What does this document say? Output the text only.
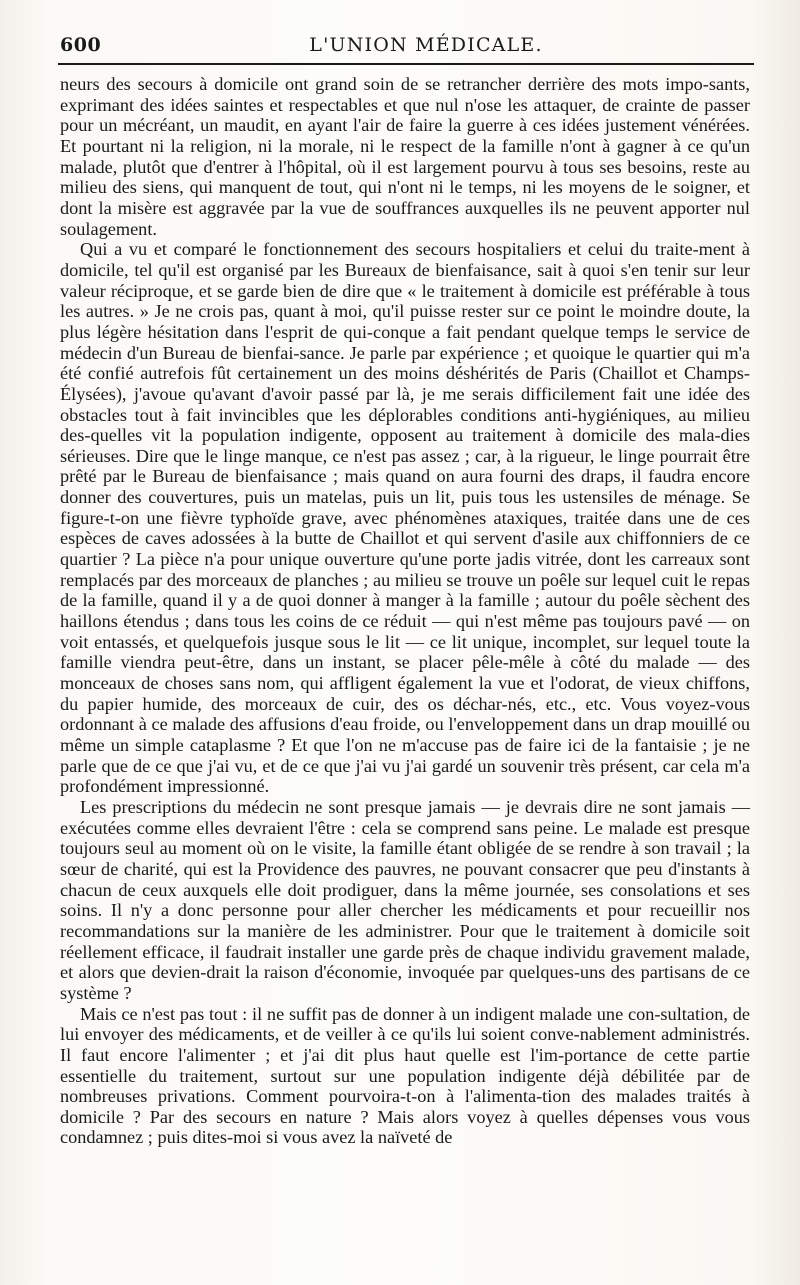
600	L'UNION MÉDICALE.

neurs des secours à domicile ont grand soin de se retrancher derrière des mots impo-sants, exprimant des idées saintes et respectables et que nul n'ose les attaquer, de crainte de passer pour un mécréant, un maudit, en ayant l'air de faire la guerre à ces idées justement vénérées. Et pourtant ni la religion, ni la morale, ni le respect de la famille n'ont à gagner à ce qu'un malade, plutôt que d'entrer à l'hôpital, où il est largement pourvu à tous ses besoins, reste au milieu des siens, qui manquent de tout, qui n'ont ni le temps, ni les moyens de le soigner, et dont la misère est aggravée par la vue de souffrances auxquelles ils ne peuvent apporter nul soulagement.

Qui a vu et comparé le fonctionnement des secours hospitaliers et celui du traite-ment à domicile, tel qu'il est organisé par les Bureaux de bienfaisance, sait à quoi s'en tenir sur leur valeur réciproque, et se garde bien de dire que « le traitement à domicile est préférable à tous les autres. » Je ne crois pas, quant à moi, qu'il puisse rester sur ce point le moindre doute, la plus légère hésitation dans l'esprit de qui-conque a fait pendant quelque temps le service de médecin d'un Bureau de bienfai-sance. Je parle par expérience ; et quoique le quartier qui m'a été confié autrefois fût certainement un des moins déshérités de Paris (Chaillot et Champs-Élysées), j'avoue qu'avant d'avoir passé par là, je me serais difficilement fait une idée des obstacles tout à fait invincibles que les déplorables conditions anti-hygiéniques, au milieu des-quelles vit la population indigente, opposent au traitement à domicile des mala-dies sérieuses. Dire que le linge manque, ce n'est pas assez ; car, à la rigueur, le linge pourrait être prêté par le Bureau de bienfaisance ; mais quand on aura fourni des draps, il faudra encore donner des couvertures, puis un matelas, puis un lit, puis tous les ustensiles de ménage. Se figure-t-on une fièvre typhoïde grave, avec phénomènes ataxiques, traitée dans une de ces espèces de caves adossées à la butte de Chaillot et qui servent d'asile aux chiffonniers de ce quartier ? La pièce n'a pour unique ouverture qu'une porte jadis vitrée, dont les carreaux sont remplacés par des morceaux de planches ; au milieu se trouve un poêle sur lequel cuit le repas de la famille, quand il y a de quoi donner à manger à la famille ; autour du poêle sèchent des haillons étendus ; dans tous les coins de ce réduit — qui n'est même pas toujours pavé — on voit entassés, et quelquefois jusque sous le lit — ce lit unique, incomplet, sur lequel toute la famille viendra peut-être, dans un instant, se placer pêle-mêle à côté du malade — des monceaux de choses sans nom, qui affligent également la vue et l'odorat, de vieux chiffons, du papier humide, des morceaux de cuir, des os déchar-nés, etc., etc. Vous voyez-vous ordonnant à ce malade des affusions d'eau froide, ou l'enveloppement dans un drap mouillé ou même un simple cataplasme ? Et que l'on ne m'accuse pas de faire ici de la fantaisie ; je ne parle que de ce que j'ai vu, et de ce que j'ai vu j'ai gardé un souvenir très présent, car cela m'a profondément impressionné.

Les prescriptions du médecin ne sont presque jamais — je devrais dire ne sont jamais — exécutées comme elles devraient l'être : cela se comprend sans peine. Le malade est presque toujours seul au moment où on le visite, la famille étant obligée de se rendre à son travail ; la sœur de charité, qui est la Providence des pauvres, ne pouvant consacrer que peu d'instants à chacun de ceux auxquels elle doit prodiguer, dans la même journée, ses consolations et ses soins. Il n'y a donc personne pour aller chercher les médicaments et pour recueillir nos recommandations sur la manière de les administrer. Pour que le traitement à domicile soit réellement efficace, il faudrait installer une garde près de chaque individu gravement malade, et alors que devien-drait la raison d'économie, invoquée par quelques-uns des partisans de ce système ?

Mais ce n'est pas tout : il ne suffit pas de donner à un indigent malade une con-sultation, de lui envoyer des médicaments, et de veiller à ce qu'ils lui soient conve-nablement administrés. Il faut encore l'alimenter ; et j'ai dit plus haut quelle est l'im-portance de cette partie essentielle du traitement, surtout sur une population indigente déjà débilitée par de nombreuses privations. Comment pourvoira-t-on à l'alimenta-tion des malades traités à domicile ? Par des secours en nature ? Mais alors voyez à quelles dépenses vous vous condamnez ; puis dites-moi si vous avez la naïveté de
